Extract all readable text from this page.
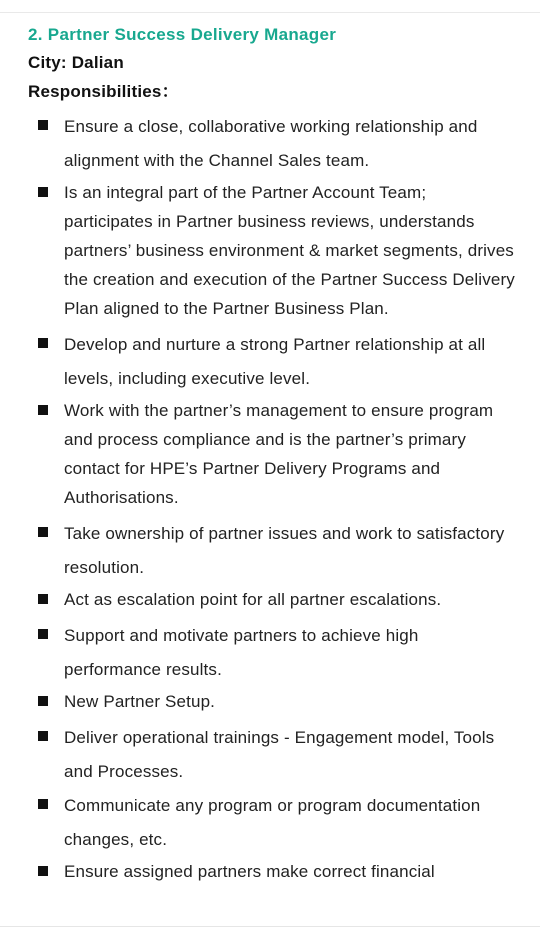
2. Partner Success Delivery Manager
City: Dalian
Responsibilities：
Ensure a close, collaborative working relationship and alignment with the Channel Sales team.
Is an integral part of the Partner Account Team; participates in Partner business reviews, understands partners’ business environment & market segments, drives the creation and execution of the Partner Success Delivery Plan aligned to the Partner Business Plan.
Develop and nurture a strong Partner relationship at all levels, including executive level.
Work with the partner’s management to ensure program and process compliance and is the partner’s primary contact for HPE’s Partner Delivery Programs and Authorisations.
Take ownership of partner issues and work to satisfactory resolution.
Act as escalation point for all partner escalations.
Support and motivate partners to achieve high performance results.
New Partner Setup.
Deliver operational trainings - Engagement model, Tools and Processes.
Communicate any program or program documentation changes, etc.
Ensure assigned partners make correct financial
